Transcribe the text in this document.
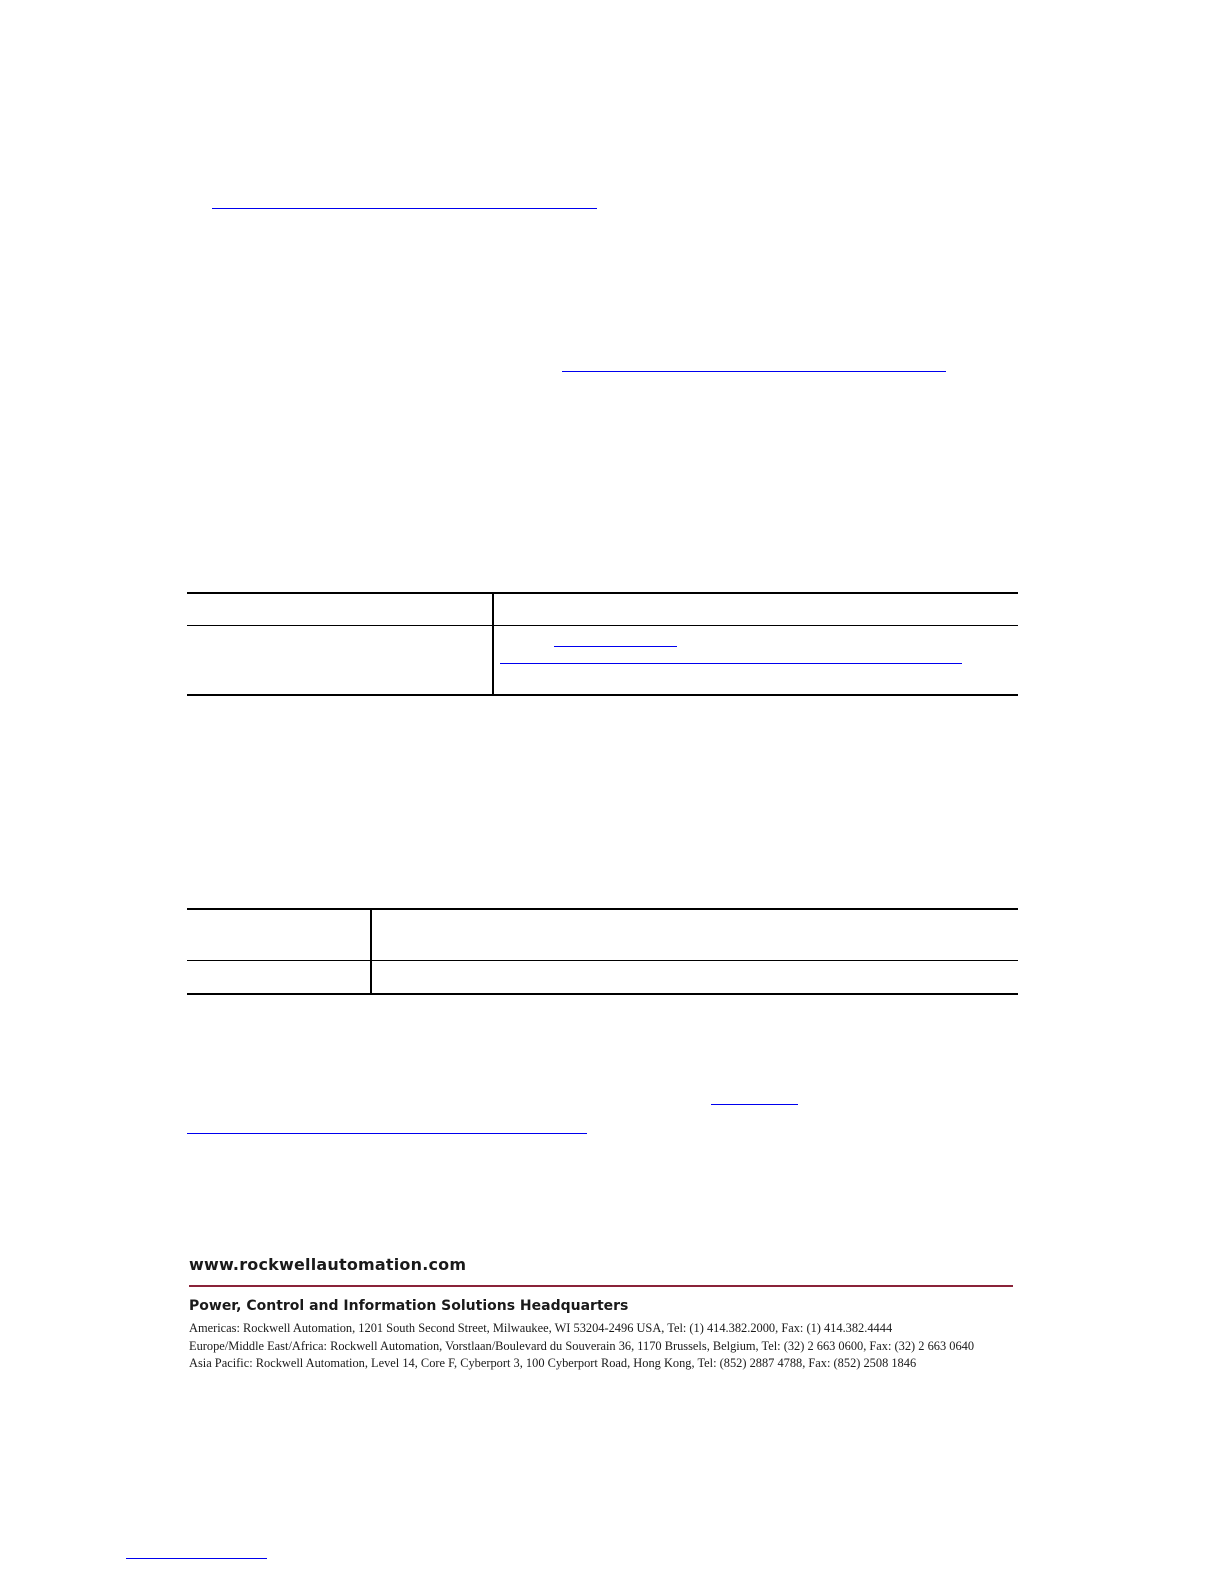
www.rockwellautomation.com

Power, Control and Information Solutions Headquarters

Americas: Rockwell Automation, 1201 South Second Street, Milwaukee, WI 53204-2496 USA, Tel: (1) 414.382.2000, Fax: (1) 414.382.4444

Europe/Middle East/Africa: Rockwell Automation, Vorstlaan/Boulevard du Souverain 36, 1170 Brussels, Belgium, Tel: (32) 2 663 0600, Fax: (32) 2 663 0640

Asia Pacific: Rockwell Automation, Level 14, Core F, Cyberport 3, 100 Cyberport Road, Hong Kong, Tel: (852) 2887 4788, Fax: (852) 2508 1846
